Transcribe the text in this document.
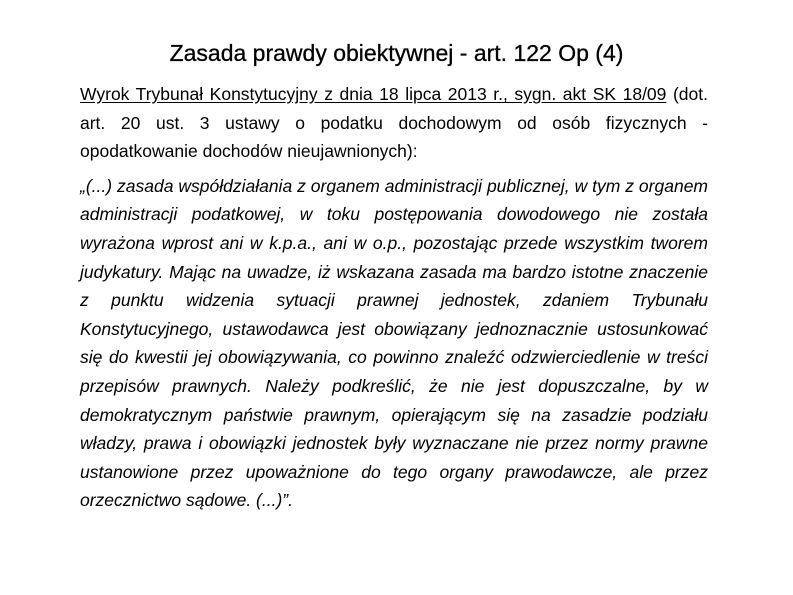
Zasada prawdy obiektywnej - art. 122 Op (4)

Wyrok Trybunał Konstytucyjny z dnia 18 lipca 2013 r., sygn. akt SK 18/09 (dot. art. 20 ust. 3 ustawy o podatku dochodowym od osób fizycznych - opodatkowanie dochodów nieujawnionych):

„(...) zasada współdziałania z organem administracji publicznej, w tym z organem administracji podatkowej, w toku postępowania dowodowego nie została wyrażona wprost ani w k.p.a., ani w o.p., pozostając przede wszystkim tworem judykatury. Mając na uwadze, iż wskazana zasada ma bardzo istotne znaczenie z punktu widzenia sytuacji prawnej jednostek, zdaniem Trybunału Konstytucyjnego, ustawodawca jest obowiązany jednoznacznie ustosunkować się do kwestii jej obowiązywania, co powinno znaleźć odzwierciedlenie w treści przepisów prawnych. Należy podkreślić, że nie jest dopuszczalne, by w demokratycznym państwie prawnym, opierającym się na zasadzie podziału władzy, prawa i obowiązki jednostek były wyznaczane nie przez normy prawne ustanowione przez upoważnione do tego organy prawodawcze, ale przez orzecznictwo sądowe. (...)”.
